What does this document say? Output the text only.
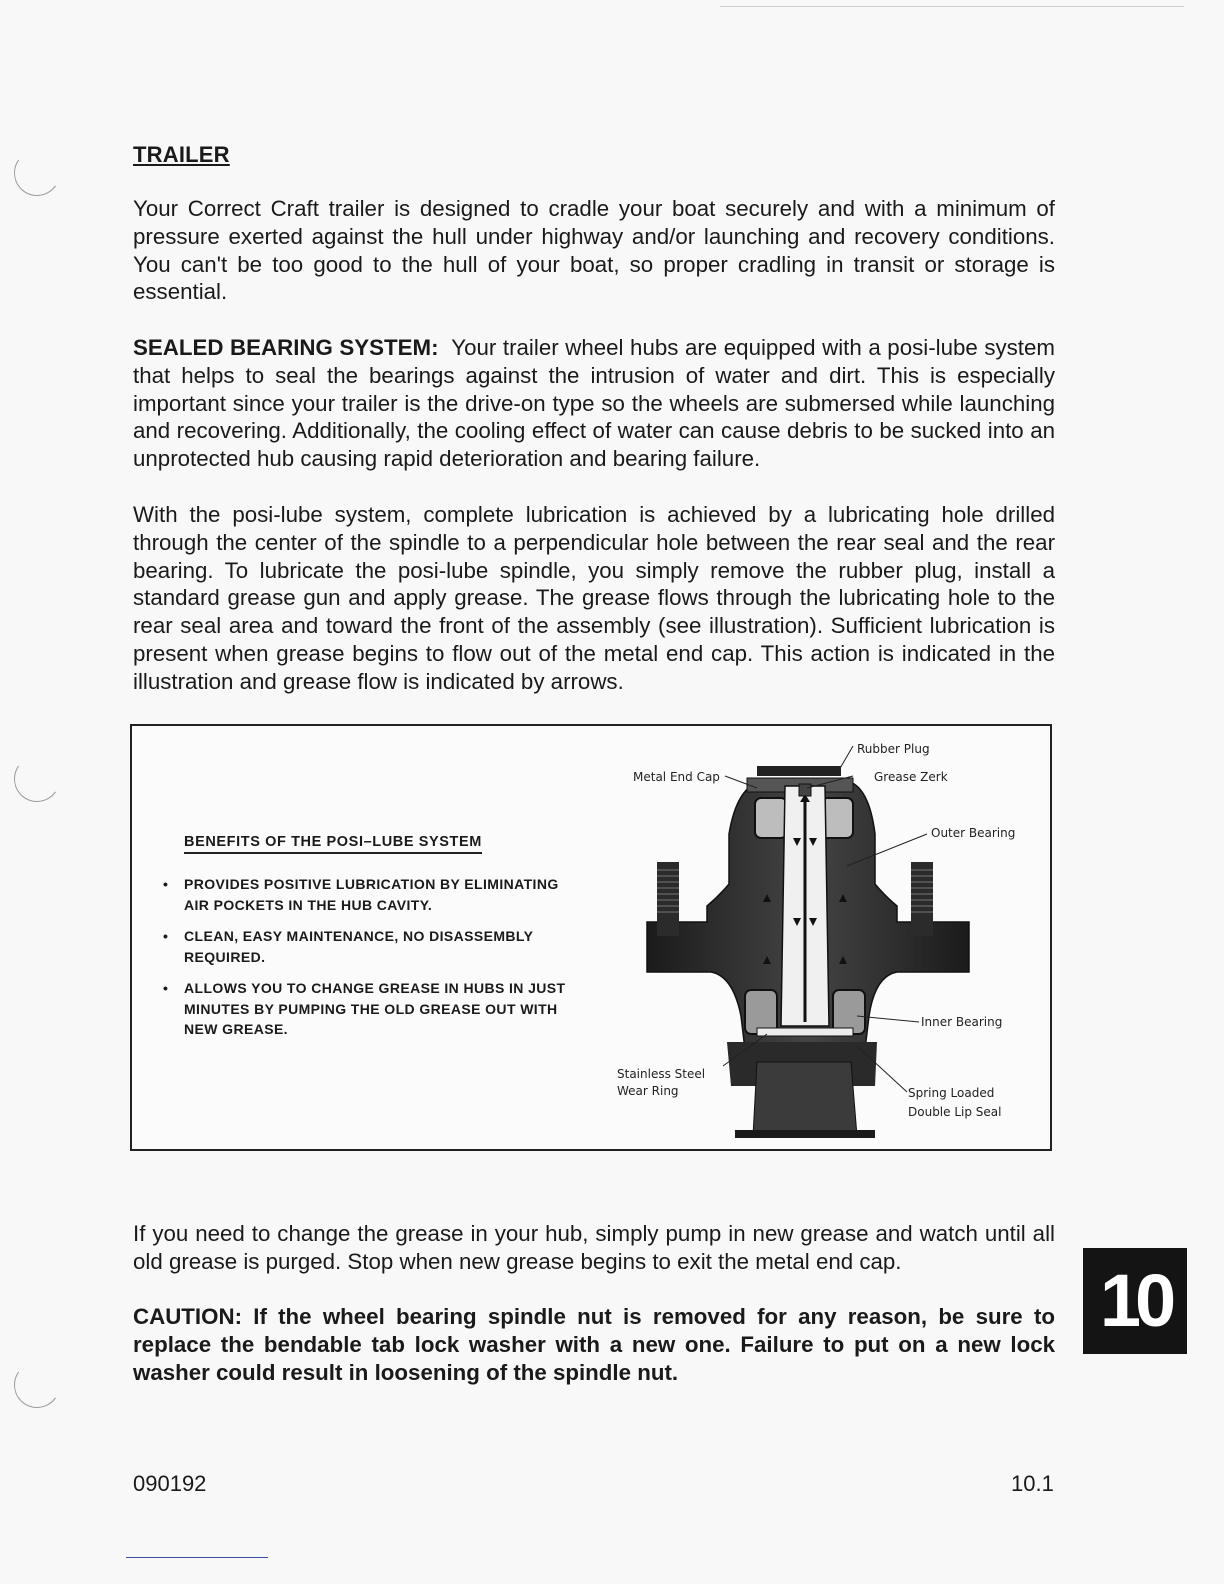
TRAILER

Your Correct Craft trailer is designed to cradle your boat securely and with a minimum of pressure exerted against the hull under highway and/or launching and recovery conditions. You can't be too good to the hull of your boat, so proper cradling in transit or storage is essential.

SEALED BEARING SYSTEM: Your trailer wheel hubs are equipped with a posi-lube system that helps to seal the bearings against the intrusion of water and dirt. This is especially important since your trailer is the drive-on type so the wheels are submersed while launching and recovering. Additionally, the cooling effect of water can cause debris to be sucked into an unprotected hub causing rapid deterioration and bearing failure.

With the posi-lube system, complete lubrication is achieved by a lubricating hole drilled through the center of the spindle to a perpendicular hole between the rear seal and the rear bearing. To lubricate the posi-lube spindle, you simply remove the rubber plug, install a standard grease gun and apply grease. The grease flows through the lubricating hole to the rear seal area and toward the front of the assembly (see illustration). Sufficient lubrication is present when grease begins to flow out of the metal end cap. This action is indicated in the illustration and grease flow is indicated by arrows.

BENEFITS OF THE POSI–LUBE SYSTEM
• PROVIDES POSITIVE LUBRICATION BY ELIMINATING AIR POCKETS IN THE HUB CAVITY.
• CLEAN, EASY MAINTENANCE, NO DISASSEMBLY REQUIRED.
• ALLOWS YOU TO CHANGE GREASE IN HUBS IN JUST MINUTES BY PUMPING THE OLD GREASE OUT WITH NEW GREASE.
Rubber Plug
Metal End Cap	Grease Zerk
Outer Bearing
Inner Bearing
Stainless Steel
Wear Ring	Spring Loaded
Double Lip Seal

If you need to change the grease in your hub, simply pump in new grease and watch until all old grease is purged. Stop when new grease begins to exit the metal end cap.

CAUTION: If the wheel bearing spindle nut is removed for any reason, be sure to replace the bendable tab lock washer with a new one. Failure to put on a new lock washer could result in loosening of the spindle nut.

10
090192	10.1
